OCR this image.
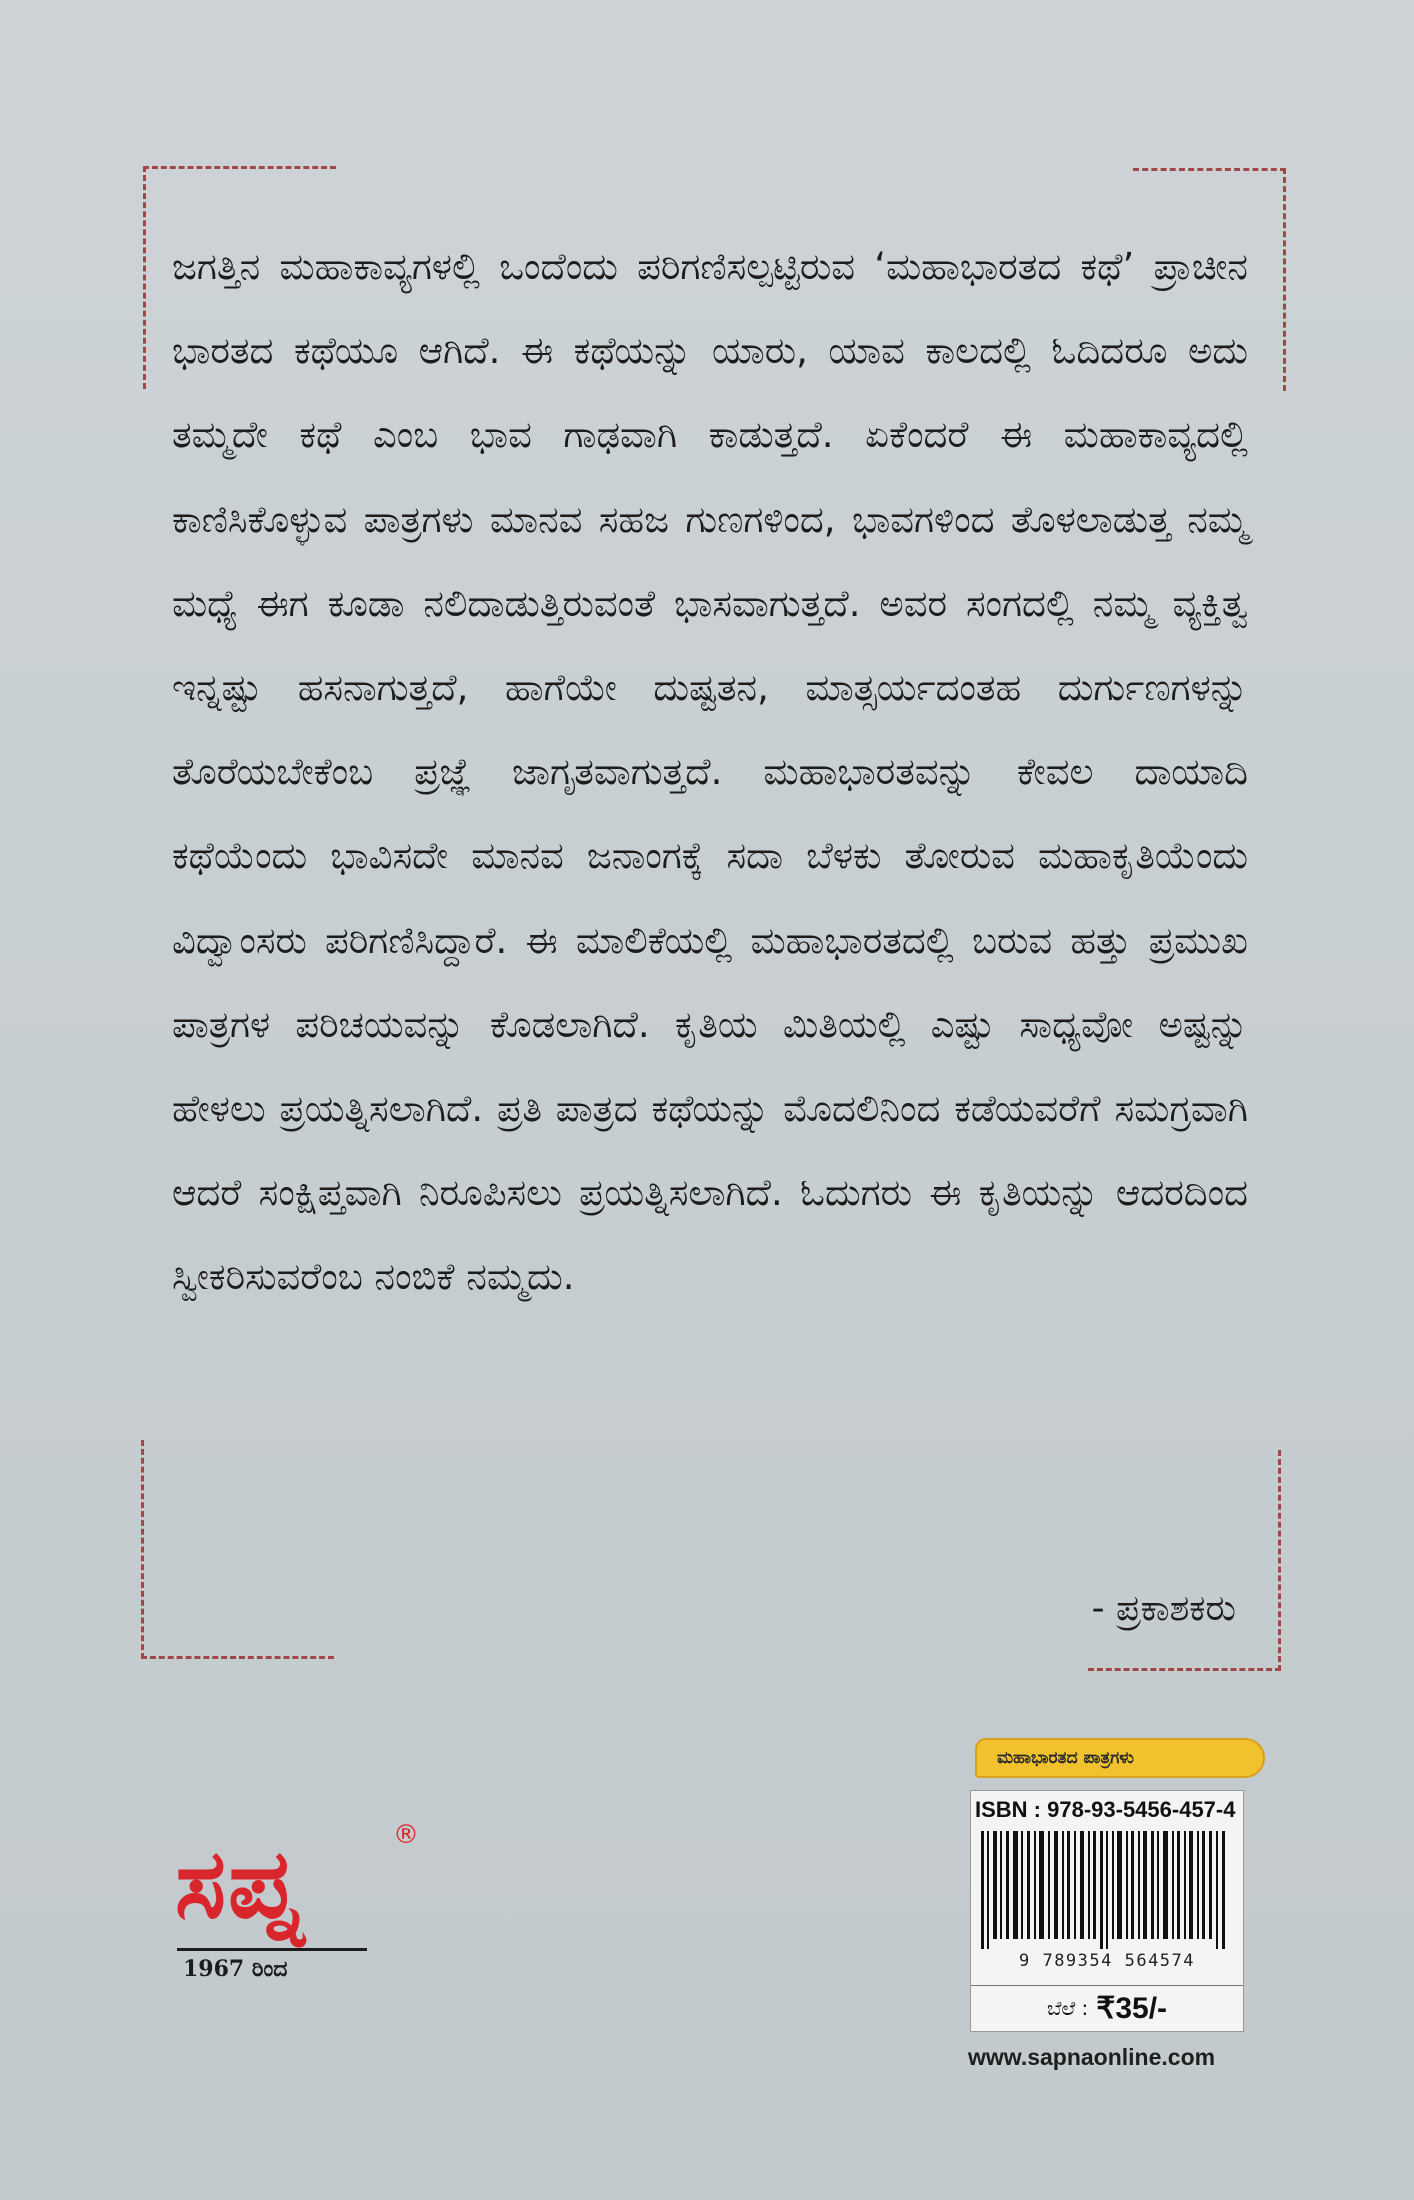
ಜಗತ್ತಿನ ಮಹಾಕಾವ್ಯಗಳಲ್ಲಿ ಒಂದೆಂದು ಪರಿಗಣಿಸಲ್ಪಟ್ಟಿರುವ ‘ಮಹಾಭಾರತದ ಕಥೆ’ ಪ್ರಾಚೀನ ಭಾರತದ ಕಥೆಯೂ ಆಗಿದೆ. ಈ ಕಥೆಯನ್ನು ಯಾರು, ಯಾವ ಕಾಲದಲ್ಲಿ ಓದಿದರೂ ಅದು ತಮ್ಮದೇ ಕಥೆ ಎಂಬ ಭಾವ ಗಾಢವಾಗಿ ಕಾಡುತ್ತದೆ. ಏಕೆಂದರೆ ಈ ಮಹಾಕಾವ್ಯದಲ್ಲಿ ಕಾಣಿಸಿಕೊಳ್ಳುವ ಪಾತ್ರಗಳು ಮಾನವ ಸಹಜ ಗುಣಗಳಿಂದ, ಭಾವಗಳಿಂದ ತೊಳಲಾಡುತ್ತ ನಮ್ಮ ಮಧ್ಯೆ ಈಗ ಕೂಡಾ ನಲಿದಾಡುತ್ತಿರುವಂತೆ ಭಾಸವಾಗುತ್ತದೆ. ಅವರ ಸಂಗದಲ್ಲಿ ನಮ್ಮ ವ್ಯಕ್ತಿತ್ವ ಇನ್ನಷ್ಟು ಹಸನಾಗುತ್ತದೆ, ಹಾಗೆಯೇ ದುಷ್ಟತನ, ಮಾತ್ಸರ್ಯದಂತಹ ದುರ್ಗುಣಗಳನ್ನು ತೊರೆಯಬೇಕೆಂಬ ಪ್ರಜ್ಞೆ ಜಾಗೃತವಾಗುತ್ತದೆ. ಮಹಾಭಾರತವನ್ನು ಕೇವಲ ದಾಯಾದಿ ಕಥೆಯೆಂದು ಭಾವಿಸದೇ ಮಾನವ ಜನಾಂಗಕ್ಕೆ ಸದಾ ಬೆಳಕು ತೋರುವ ಮಹಾಕೃತಿಯೆಂದು ವಿದ್ವಾಂಸರು ಪರಿಗಣಿಸಿದ್ದಾರೆ. ಈ ಮಾಲಿಕೆಯಲ್ಲಿ ಮಹಾಭಾರತದಲ್ಲಿ ಬರುವ ಹತ್ತು ಪ್ರಮುಖ ಪಾತ್ರಗಳ ಪರಿಚಯವನ್ನು ಕೊಡಲಾಗಿದೆ. ಕೃತಿಯ ಮಿತಿಯಲ್ಲಿ ಎಷ್ಟು ಸಾಧ್ಯವೋ ಅಷ್ಟನ್ನು ಹೇಳಲು ಪ್ರಯತ್ನಿಸಲಾಗಿದೆ. ಪ್ರತಿ ಪಾತ್ರದ ಕಥೆಯನ್ನು ಮೊದಲಿನಿಂದ ಕಡೆಯವರೆಗೆ ಸಮಗ್ರವಾಗಿ ಆದರೆ ಸಂಕ್ಷಿಪ್ತವಾಗಿ ನಿರೂಪಿಸಲು ಪ್ರಯತ್ನಿಸಲಾಗಿದೆ. ಓದುಗರು ಈ ಕೃತಿಯನ್ನು ಆದರದಿಂದ ಸ್ವೀಕರಿಸುವರೆಂಬ ನಂಬಿಕೆ ನಮ್ಮದು.

- ಪ್ರಕಾಶಕರು
ಸಪ್ನ	®
1967 ರಿಂದ
ಮಹಾಭಾರತದ ಪಾತ್ರಗಳು
ISBN : 978-93-5456-457-4
9 789354 564574
ಬೆಲೆ : ₹35/-
www.sapnaonline.com
